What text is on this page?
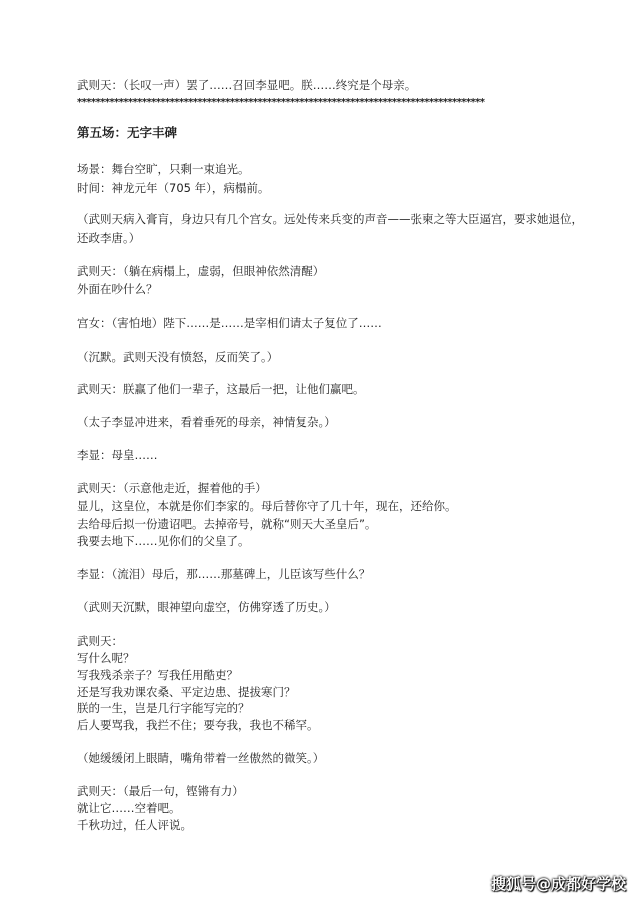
武则天：（长叹一声）罢了……召回李显吧。朕……终究是个母亲。
****************************************************************************************
第五场：无字丰碑
场景：舞台空旷，只剩一束追光。
时间：神龙元年（705 年），病榻前。
（武则天病入膏肓，身边只有几个宫女。远处传来兵变的声音——张柬之等大臣逼宫，要求她退位，
还政李唐。）
武则天：（躺在病榻上，虚弱，但眼神依然清醒）
外面在吵什么？
宫女：（害怕地）陛下……是……是宰相们请太子复位了……
（沉默。武则天没有愤怒，反而笑了。）
武则天：朕赢了他们一辈子，这最后一把，让他们赢吧。
（太子李显冲进来，看着垂死的母亲，神情复杂。）
李显：母皇……
武则天：（示意他走近，握着他的手）
显儿，这皇位，本就是你们李家的。母后替你守了几十年，现在，还给你。
去给母后拟一份遗诏吧。去掉帝号，就称“则天大圣皇后”。
我要去地下……见你们的父皇了。
李显：（流泪）母后，那……那墓碑上，儿臣该写些什么？
（武则天沉默，眼神望向虚空，仿佛穿透了历史。）
武则天：
写什么呢？
写我残杀亲子？写我任用酷吏？
还是写我劝课农桑、平定边患、提拔寒门？
朕的一生，岂是几行字能写完的？
后人要骂我，我拦不住；要夸我，我也不稀罕。
（她缓缓闭上眼睛，嘴角带着一丝傲然的微笑。）
武则天：（最后一句，铿锵有力）
就让它……空着吧。
千秋功过，任人评说。
搜狐号@成都好学校
